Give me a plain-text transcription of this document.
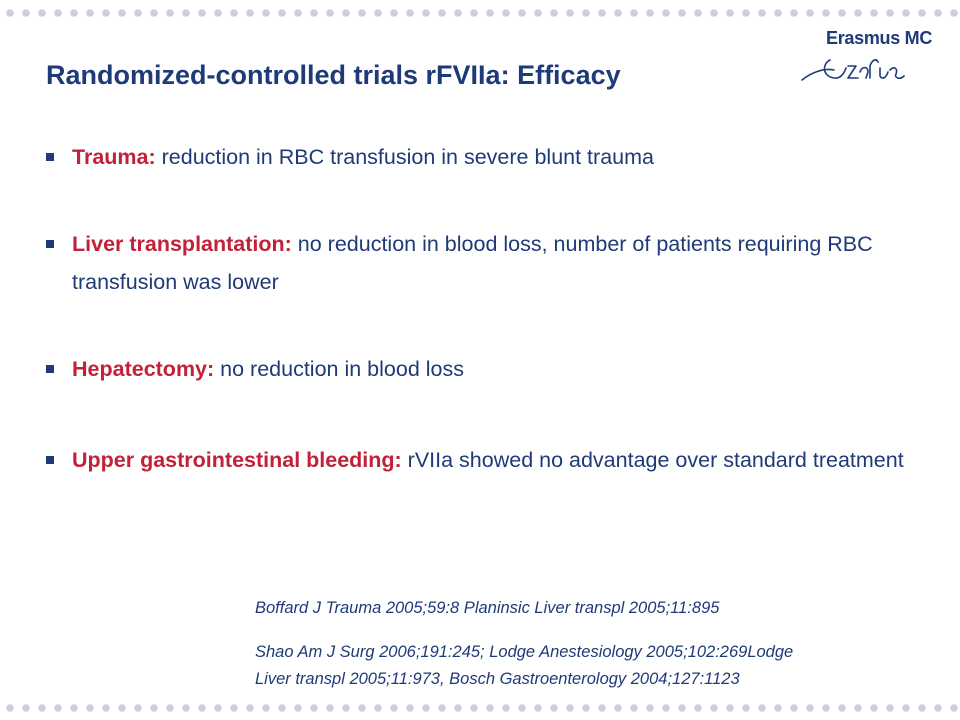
Erasmus MC
Randomized-controlled trials rFVIIa: Efficacy
Trauma: reduction in RBC transfusion in severe blunt trauma
Liver transplantation: no reduction in blood loss, number of patients requiring RBC transfusion was lower
Hepatectomy: no reduction in blood loss
Upper gastrointestinal bleeding: rVIIa showed no advantage over standard treatment
Boffard J Trauma 2005;59:8 Planinsic Liver transpl 2005;11:895
Shao Am J Surg 2006;191:245; Lodge Anestesiology 2005;102:269Lodge
Liver transpl 2005;11:973, Bosch Gastroenterology 2004;127:1123
